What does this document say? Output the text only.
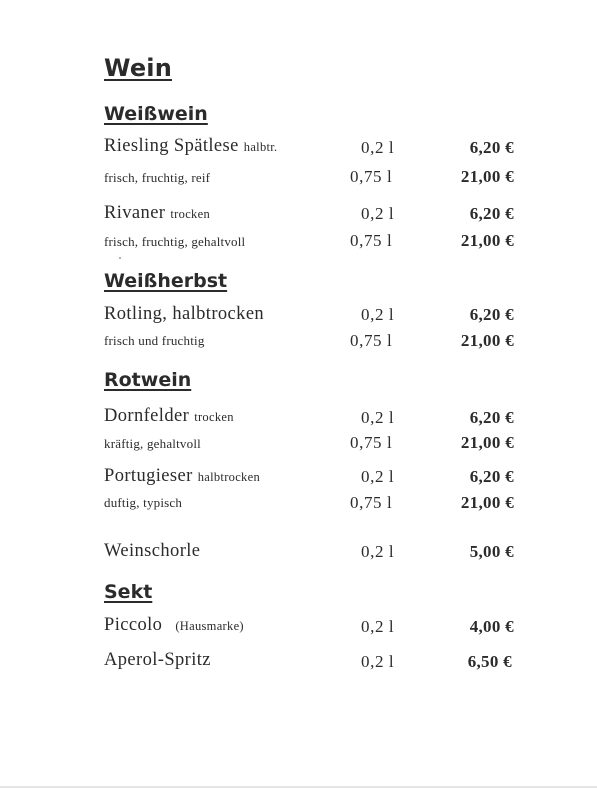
Wein
Weißwein
Riesling Spätlese halbtr.	0,2 l	6,20 €
frisch, fruchtig, reif	0,75 l	21,00 €
Rivaner trocken	0,2 l	6,20 €
frisch, fruchtig, gehaltvoll	0,75 l	21,00 €
Weißherbst
Rotling, halbtrocken	0,2 l	6,20 €
frisch und fruchtig	0,75 l	21,00 €
Rotwein
Dornfelder trocken	0,2 l	6,20 €
kräftig, gehaltvoll	0,75 l	21,00 €
Portugieser halbtrocken	0,2 l	6,20 €
duftig, typisch	0,75 l	21,00 €
Weinschorle	0,2 l	5,00 €
Sekt
Piccolo (Hausmarke)	0,2 l	4,00 €
Aperol-Spritz	0,2 l	6,50 €
